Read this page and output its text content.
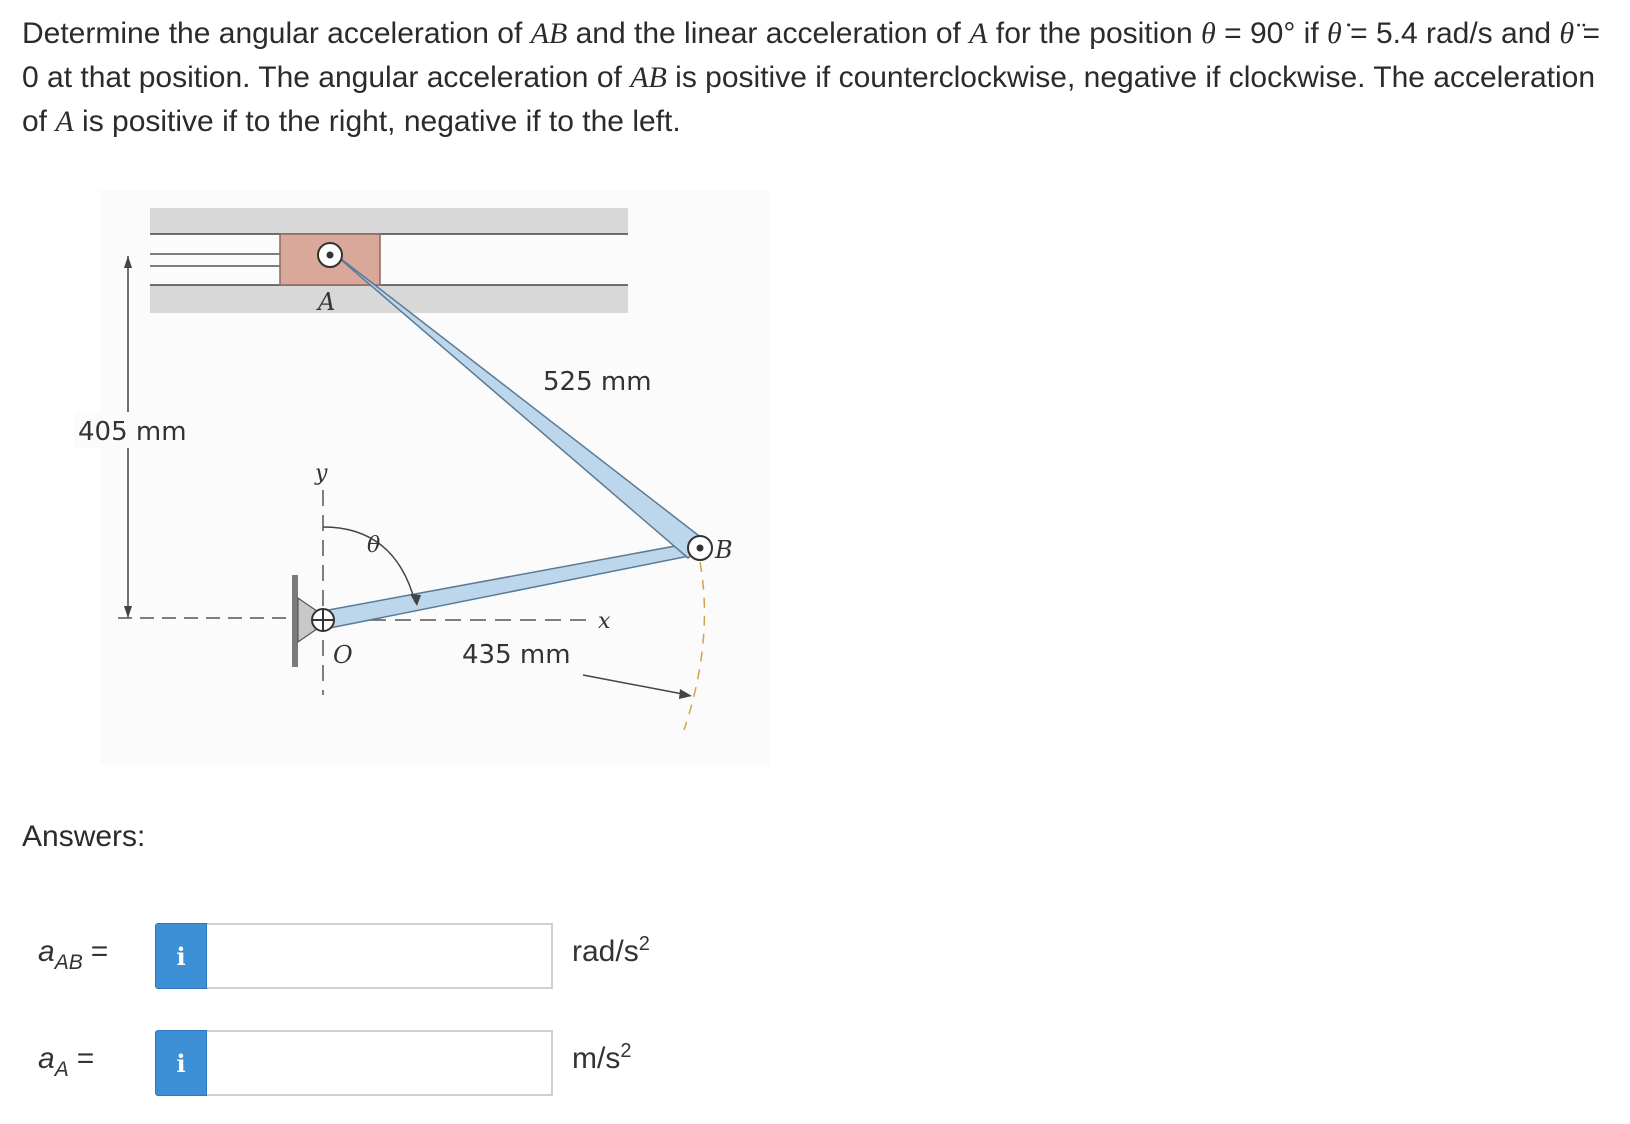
Determine the angular acceleration of AB and the linear acceleration of A for the position θ = 90° if θ̇ = 5.4 rad/s and θ̈ = 0 at that position. The angular acceleration of AB is positive if counterclockwise, negative if clockwise. The acceleration of A is positive if to the right, negative if to the left.
405 mm
y
x
θ
A
O
B
435 mm
525 mm
Answers:
$a_{AB}$ =	i	rad/$s^2$
$a_A$ =	i	$m/s^2$
